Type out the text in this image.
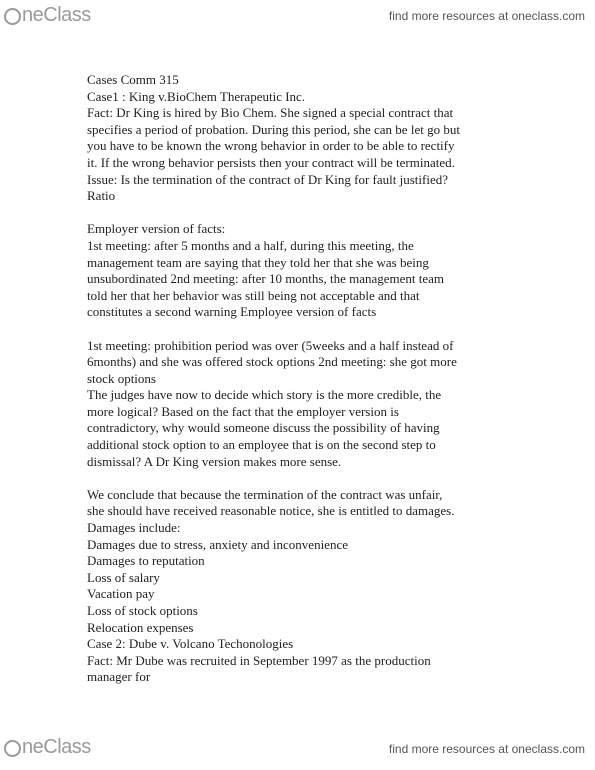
neClass	find more resources at oneclass.com
Cases Comm 315
Case1 : King v.BioChem Therapeutic Inc.
Fact: Dr King is hired by Bio Chem. She signed a special contract that
specifies a period of probation. During this period, she can be let go but
you have to be known the wrong behavior in order to be able to rectify
it. If the wrong behavior persists then your contract will be terminated.
Issue: Is the termination of the contract of Dr King for fault justified?
Ratio
Employer version of facts:
1st meeting: after 5 months and a half, during this meeting, the
management team are saying that they told her that she was being
unsubordinated 2nd meeting: after 10 months, the management team
told her that her behavior was still being not acceptable and that
constitutes a second warning Employee version of facts
1st meeting: prohibition period was over (5weeks and a half instead of
6months) and she was offered stock options 2nd meeting: she got more
stock options
The judges have now to decide which story is the more credible, the
more logical? Based on the fact that the employer version is
contradictory, why would someone discuss the possibility of having
additional stock option to an employee that is on the second step to
dismissal? A Dr King version makes more sense.
We conclude that because the termination of the contract was unfair,
she should have received reasonable notice, she is entitled to damages.
Damages include:
Damages due to stress, anxiety and inconvenience
Damages to reputation
Loss of salary
Vacation pay
Loss of stock options
Relocation expenses
Case 2: Dube v. Volcano Techonologies
Fact: Mr Dube was recruited in September 1997 as the production
manager for
neClass	find more resources at oneclass.com
